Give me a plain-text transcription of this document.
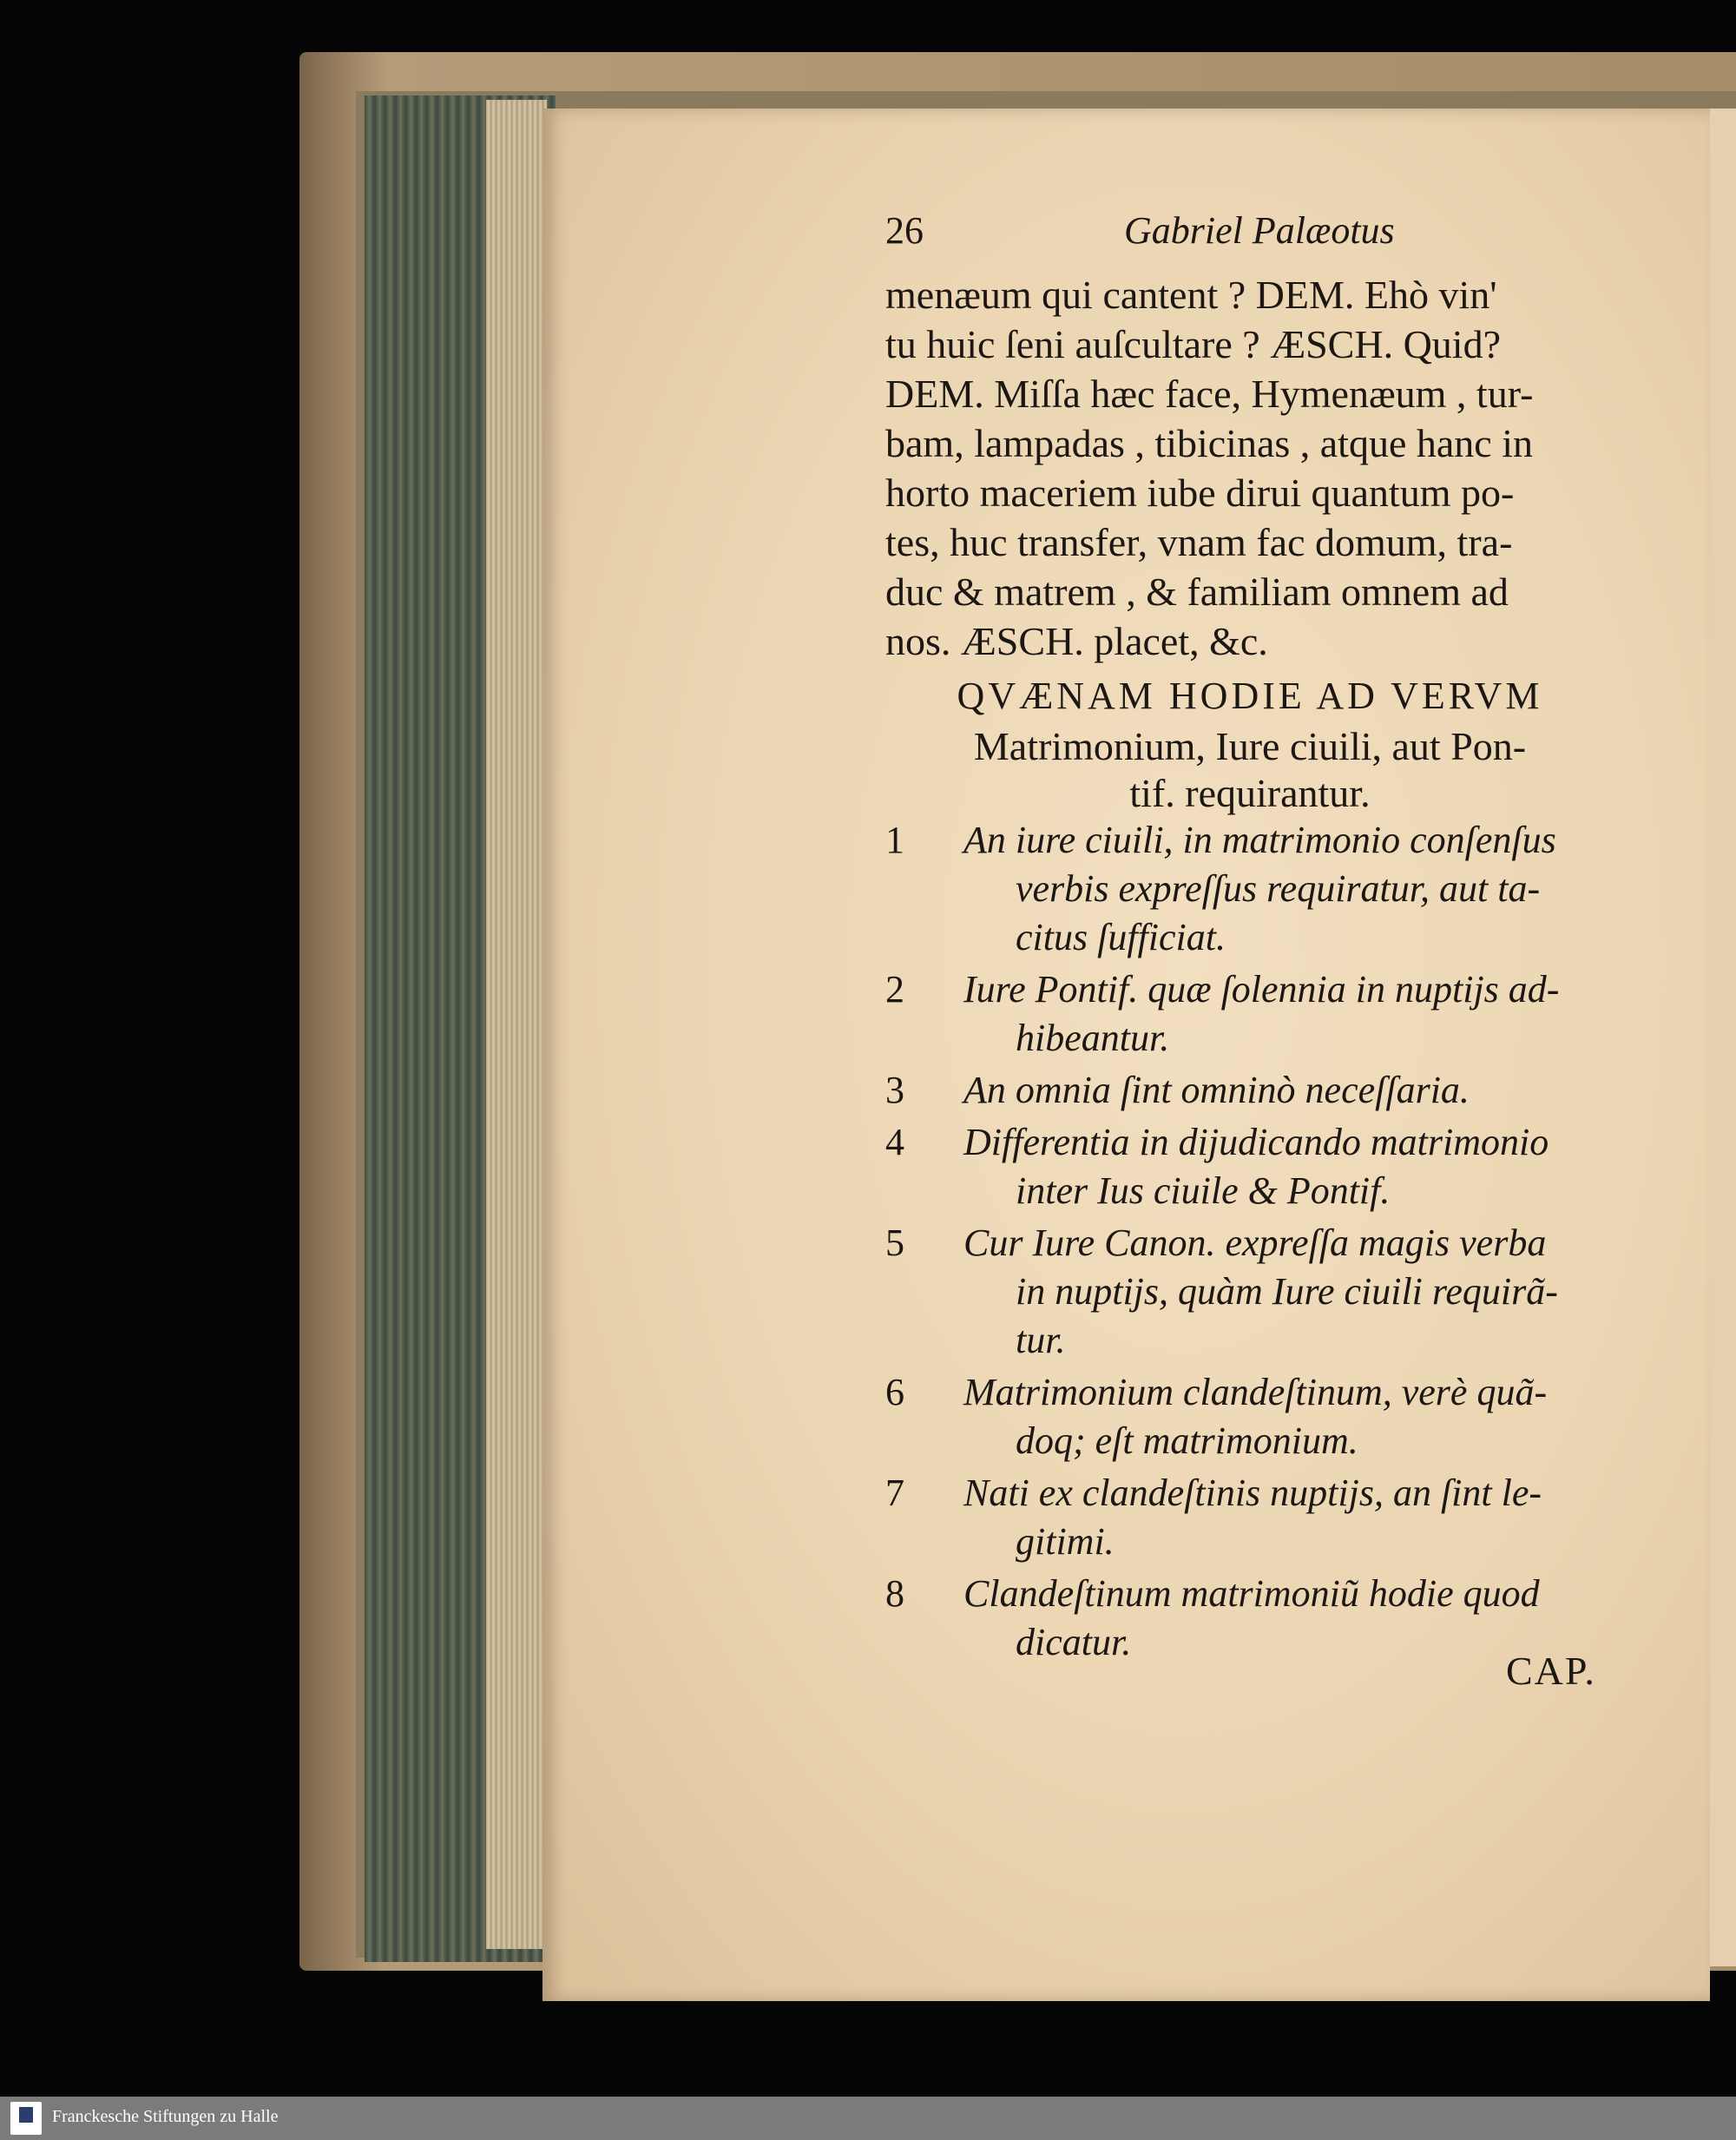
26	Gabriel Palæotus
menæum qui cantent ? DEM. Ehò vin'
tu huic ſeni auſcultare ? ÆSCH. Quid?
DEM. Miſſa hæc face, Hymenæum , tur-
bam, lampadas , tibicinas , atque hanc in
horto maceriem iube dirui quantum po-
tes, huc transfer, vnam fac domum, tra-
duc & matrem , & familiam omnem ad
nos. ÆSCH. placet, &c.
QVÆNAM HODIE AD VERVM
Matrimonium, Iure ciuili, aut Pon-
tif. requirantur.
1	An iure ciuili, in matrimonio conſenſus
verbis expreſſus requiratur, aut ta-
citus ſufficiat.
2	Iure Pontif. quæ ſolennia in nuptijs ad-
hibeantur.
3	An omnia ſint omninò neceſſaria.
4	Differentia in dijudicando matrimonio
inter Ius ciuile & Pontif.
5	Cur Iure Canon. expreſſa magis verba
in nuptijs, quàm Iure ciuili requirã-
tur.
6	Matrimonium clandeſtinum, verè quã-
doq; eſt matrimonium.
7	Nati ex clandeſtinis nuptijs, an ſint le-
gitimi.
8	Clandeſtinum matrimoniũ hodie quod
dicatur.
CAP.
Franckesche Stiftungen zu Halle
